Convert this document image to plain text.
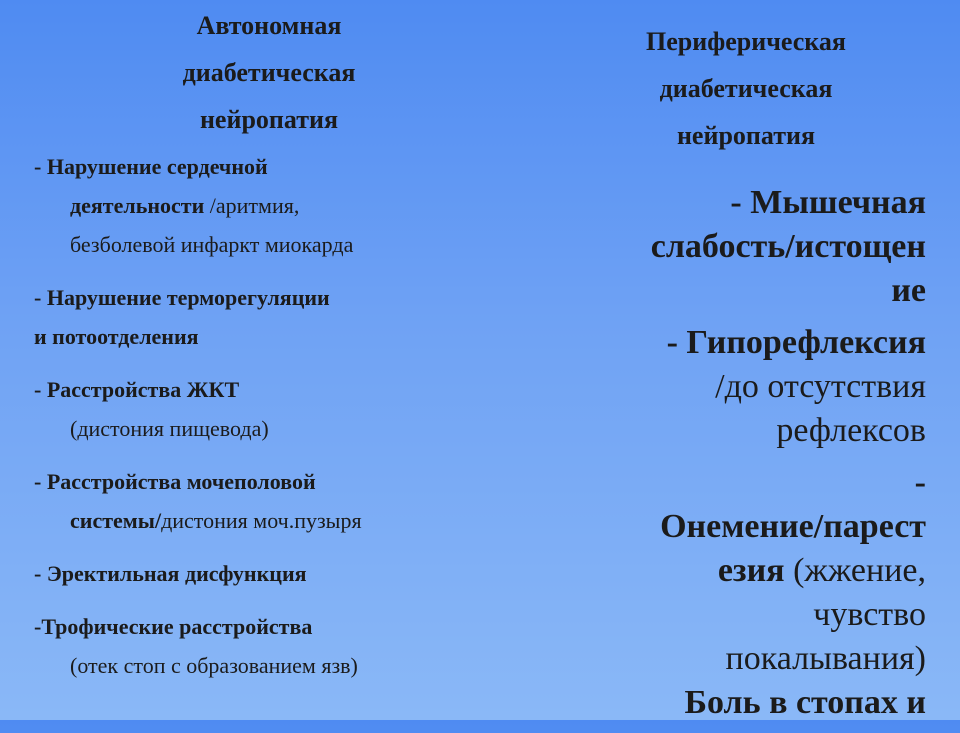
Автономная
диабетическая
нейропатия
- Нарушение сердечной
деятельности /аритмия,
безболевой инфаркт миокарда
- Нарушение терморегуляции
и потоотделения
- Расстройства ЖКТ
(дистония пищевода)
- Расстройства мочеполовой
системы/дистония моч.пузыря
- Эректильная дисфункция
-Трофические расстройства
(отек стоп с образованием язв)
Периферическая
диабетическая
нейропатия
- Мышечная
слабость/истощен
ие
- Гипорефлексия
/до отсутствия
рефлексов
-
Онемение/парест
езия (жжение,
чувство
покалывания)
Боль в стопах и
